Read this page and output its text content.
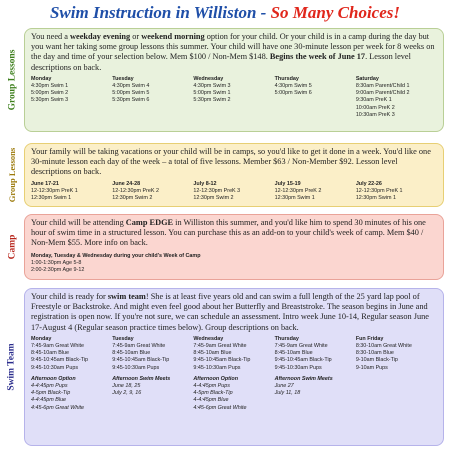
Swim Instruction in Williston - So Many Choices!
Group Lessons
You need a weekday evening or weekend morning option for your child. Or your child is in a camp during the day but you want her taking some group lessons this summer. Your child will have one 30-minute lesson per week for 8 weeks on the day and time of your selection below. Mem $100 / Non-Mem $148. Begins the week of June 17. Lesson level descriptions on back.
Monday
4:30pm Swim 1
5:00pm Swim 2
5:30pm Swim 3
Tuesday
4:30pm Swim 4
5:00pm Swim 5
5:30pm Swim 6
Wednesday
4:30pm Swim 3
5:00pm Swim 1
5:30pm Swim 2
Thursday
4:30pm Swim 5
5:00pm Swim 6
Saturday
8:30am Parent/Child 1
9:00am Parent/Child 2
9:30am PreK 1
10:00am PreK 2
10:30am PreK 3
Group Lessons Your family will be taking vacations or your child will be in camps, so you'd like to get it done in a week. You'd like one 30-minute lesson each day of the week – a total of five lessons. Member $63 / Non-Member $92. Lesson level descriptions on back.
June 17-21
12-12:30pm PreK 1
12:30pm Swim 1
June 24-28
12-12:30pm PreK 2
12:30pm Swim 2
July 8-12
12-12:30pm PreK 3
12:30pm Swim 2
July 15-19
12-12:30pm PreK 2
12:30pm Swim 1
July 22-26
12-12:30pm PreK 1
12:30pm Swim 1
Camp
Your child will be attending Camp EDGE in Williston this summer, and you'd like him to spend 30 minutes of his one hour of swim time in a structured lesson. You can purchase this as an add-on to your child's week of camp. Mem $40 / Non-Mem $55. More info on back.
Monday, Tuesday & Wednesday during your child's Week of Camp
1:00-1:30pm Age 5-8
2:00-2:30pm Age 9-12
Swim Team
Your child is ready for swim team! She is at least five years old and can swim a full length of the 25 yard lap pool of Freestyle or Backstroke. And might even feel good about her Butterfly and Breaststroke. The season begins in June and registration is open now. If you're not sure, we can schedule an assessment. Intro week June 10-14, Regular season June 17-August 4 (Regular season practice times below). Group descriptions on back.
Monday
7:45-9am Great White
8:45-10am Blue
9:45-10:45am Black-Tip
9:45-10:30am Pups
Afternoon Option
4-4:45pm Pups
4-5pm Black-Tip
4-4:45pm Blue
4:45-6pm Great White
Tuesday
7:45-9am Great White
8:45-10am Blue
9:45-10:45am Black-Tip
9:45-10:30am Pups
Afternoon Swim Meets
June 18, 25
July 2, 9, 16
Wednesday
7:45-9am Great White
8:45-10am Blue
9:45-10:45am Black-Tip
9:45-10:30am Pups
Afternoon Option
4-4:45pm Pups
4-5pm Black-Tip
4-4:45pm Blue
4:45-6pm Great White
Thursday
7:45-9am Great White
8:45-10am Blue
9:45-10:45am Black-Tip
9:45-10:30am Pups
Afternoon Swim Meets
June 27
July 11, 18
Fun Friday
8:30-10am Great White
8:30-10am Blue
9-10am Black-Tip
9-10am Pups
